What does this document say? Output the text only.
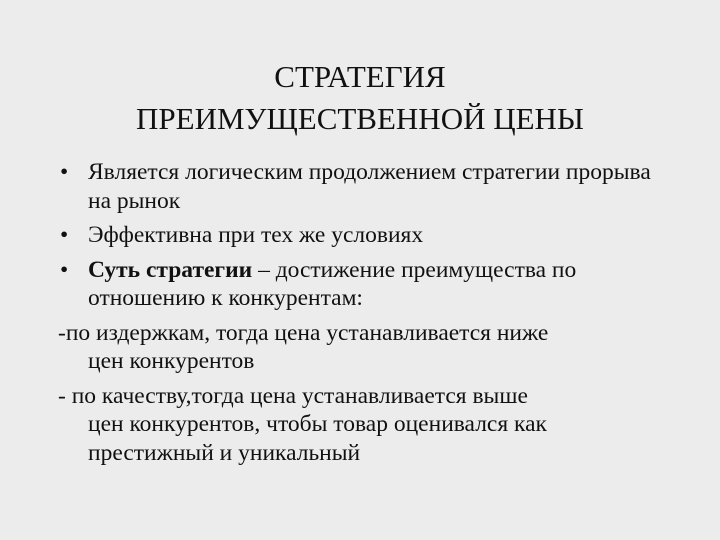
СТРАТЕГИЯ
ПРЕИМУЩЕСТВЕННОЙ ЦЕНЫ
• Является логическим продолжением стратегии прорыва на рынок
• Эффективна при тех же условиях
• Суть стратегии – достижение преимущества по отношению к конкурентам:
-по издержкам, тогда цена устанавливается ниже
цен конкурентов
- по качеству,тогда цена устанавливается выше
цен конкурентов, чтобы товар оценивался как престижный и уникальный
